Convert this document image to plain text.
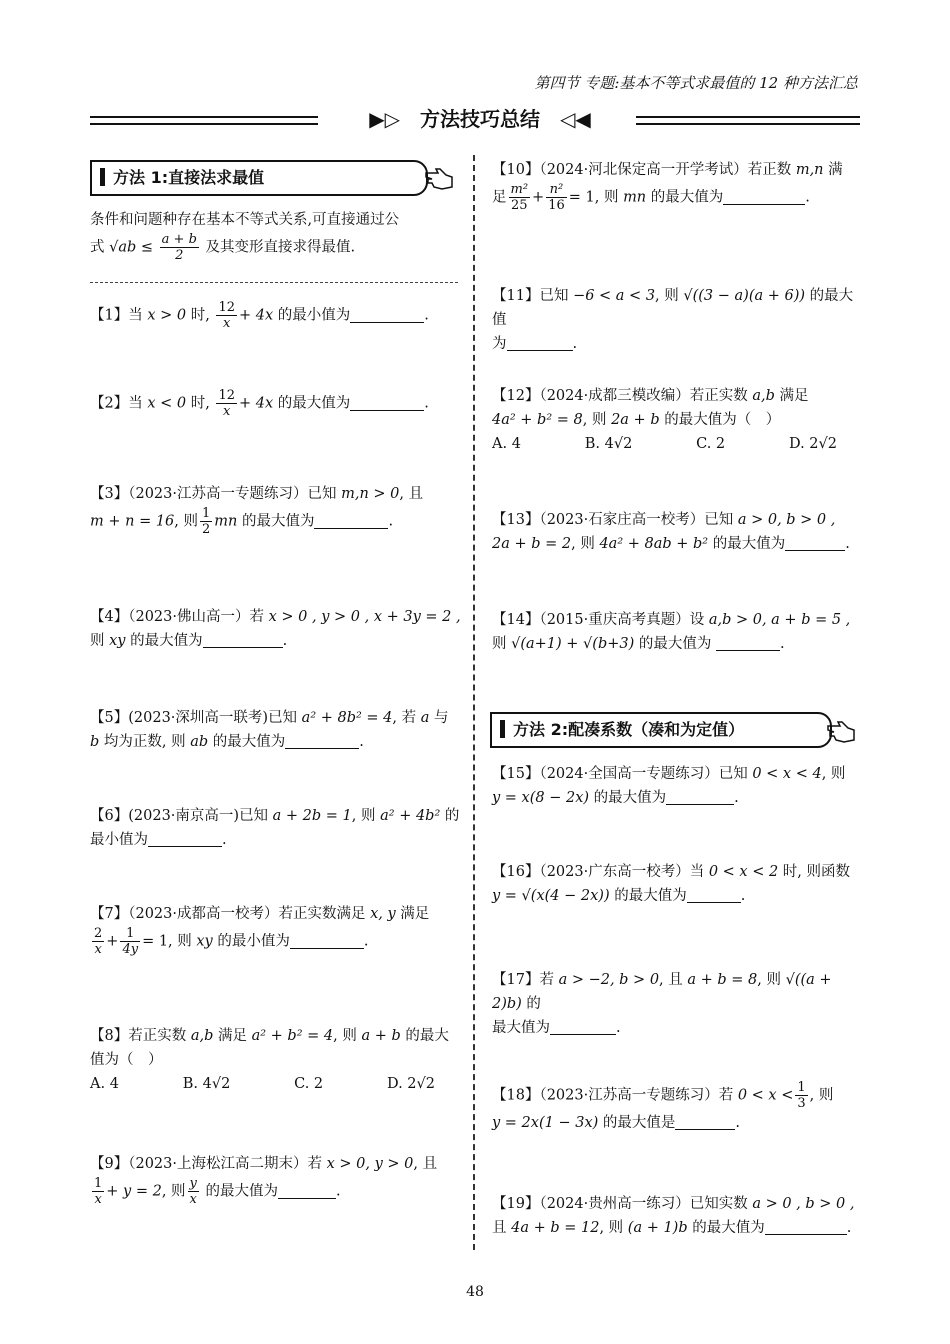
第四节 专题:基本不等式求最值的 12 种方法汇总
▶▷　方法技巧总结　◁◀
方法 1:直接法求最值
条件和问题种存在基本不等式关系,可直接通过公
式 $√ab \le \frac{a + b}{2}$ 及其变形直接求得最值.
【1】当 x > 0 时, $\frac{12}{x} + 4x$ 的最小值为	.
【2】当 x < 0 时, $\frac{12}{x} + 4x$ 的最大值为	.
【3】（2023·江苏高一专题练习）已知 m,n > 0, 且
m + n = 16, 则 $\frac{1}{2}$ mn 的最大值为	.
【4】（2023·佛山高一）若 x > 0 , y > 0 , x + 3y = 2 ,
则 xy 的最大值为	.
【5】(2023·深圳高一联考)已知 a² + 8b² = 4, 若 a 与
b 均为正数, 则 ab 的最大值为	.
【6】(2023·南京高一)已知 a + 2b = 1, 则 a² + 4b² 的
最小值为	.
【7】（2023·成都高一校考）若正实数满足 x, y 满足
$\frac{2}{x} + \frac{1}{4y} = 1$, 则 xy 的最小值为	.
【8】若正实数 a,b 满足 a² + b² = 4, 则 a + b 的最大
值为（　）
A. 4	B. 4√2	C. 2	D. 2√2
【9】（2023·上海松江高二期末）若 x > 0, y > 0, 且
$\frac{1}{x} + y = 2$, 则 $\frac{y}{x}$ 的最大值为	.
【10】（2024·河北保定高一开学考试）若正数 m,n 满
足 $\frac{\text{m²}}{25} + \frac{\text{n²}}{16} = 1$, 则 mn 的最大值为	.
【11】已知 −6 < a < 3, 则 √((3 − a)(a + 6)) 的最大值
为	.
【12】（2024·成都三模改编）若正实数 a,b 满足
4a² + b² = 8, 则 2a + b 的最大值为（　）
A. 4	B. 4√2	C. 2	D. 2√2
【13】（2023·石家庄高一校考）已知 a > 0, b > 0 ,
2a + b = 2, 则 4a² + 8ab + b² 的最大值为	.
【14】（2015·重庆高考真题）设 a,b > 0, a + b = 5 ,
则 √(a+1) + √(b+3) 的最大值为	.
【15】（2024·全国高一专题练习）已知 0 < x < 4, 则
y = x(8 − 2x) 的最大值为	.
【16】（2023·广东高一校考）当 0 < x < 2 时, 则函数
y = √(x(4 − 2x)) 的最大值为	.
【17】若 a > −2, b > 0, 且 a + b = 8, 则 √((a + 2)b) 的
最大值为	.
【18】（2023·江苏高一专题练习）若 $0 < x < \frac{1}{3}$ , 则
y = 2x(1 − 3x) 的最大值是	.
【19】（2024·贵州高一练习）已知实数 a > 0 , b > 0 ,
且 4a + b = 12, 则 (a + 1)b 的最大值为	.
方法 2:配凑系数（凑和为定值）
48
